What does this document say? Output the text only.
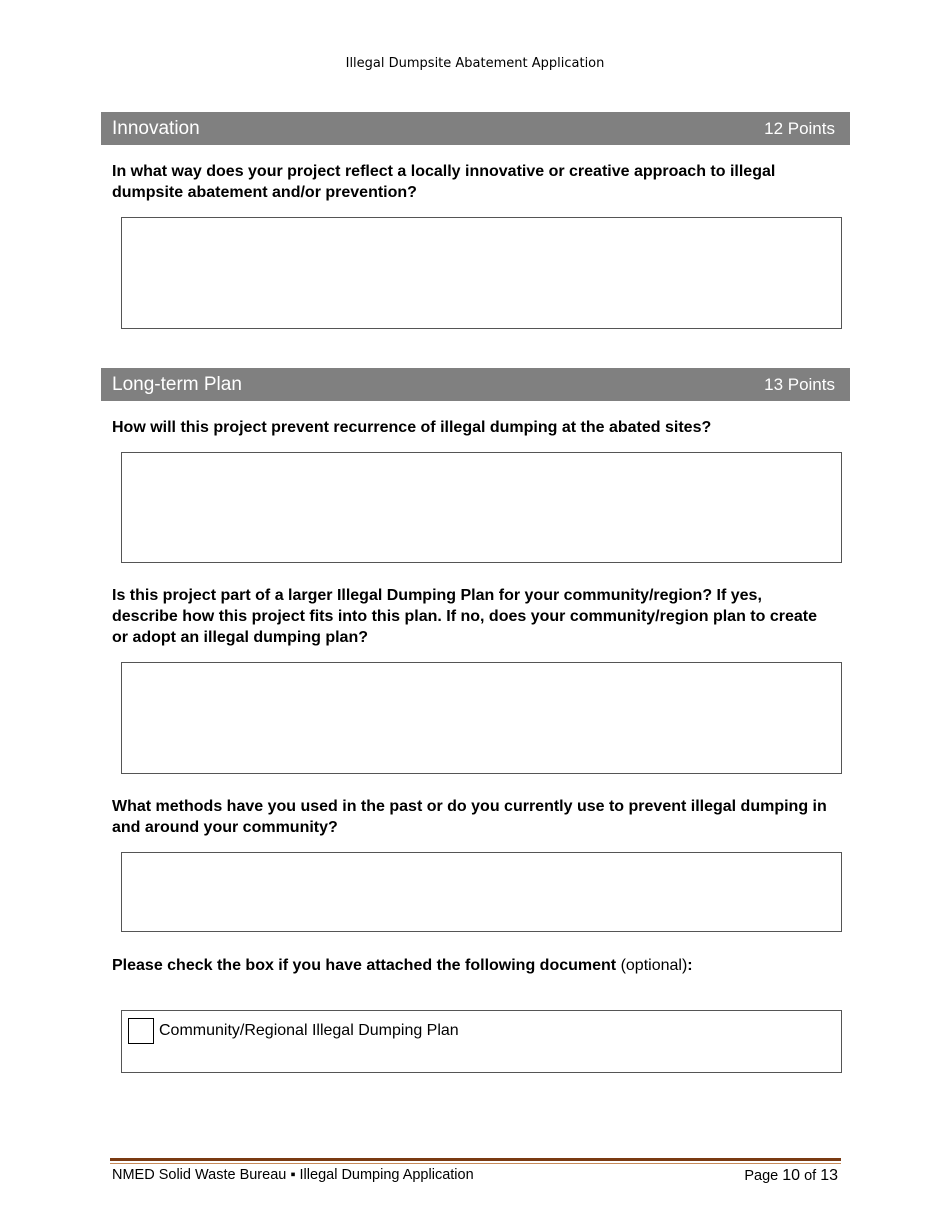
Illegal Dumpsite Abatement Application
Innovation	12 Points
In what way does your project reflect a locally innovative or creative approach to illegal dumpsite abatement and/or prevention?
Long-term Plan	13 Points
How will this project prevent recurrence of illegal dumping at the abated sites?
Is this project part of a larger Illegal Dumping Plan for your community/region? If yes, describe how this project fits into this plan. If no, does your community/region plan to create or adopt an illegal dumping plan?
What methods have you used in the past or do you currently use to prevent illegal dumping in and around your community?
Please check the box if you have attached the following document (optional):
Community/Regional Illegal Dumping Plan
NMED Solid Waste Bureau ▪ Illegal Dumping Application	Page 10 of 13
